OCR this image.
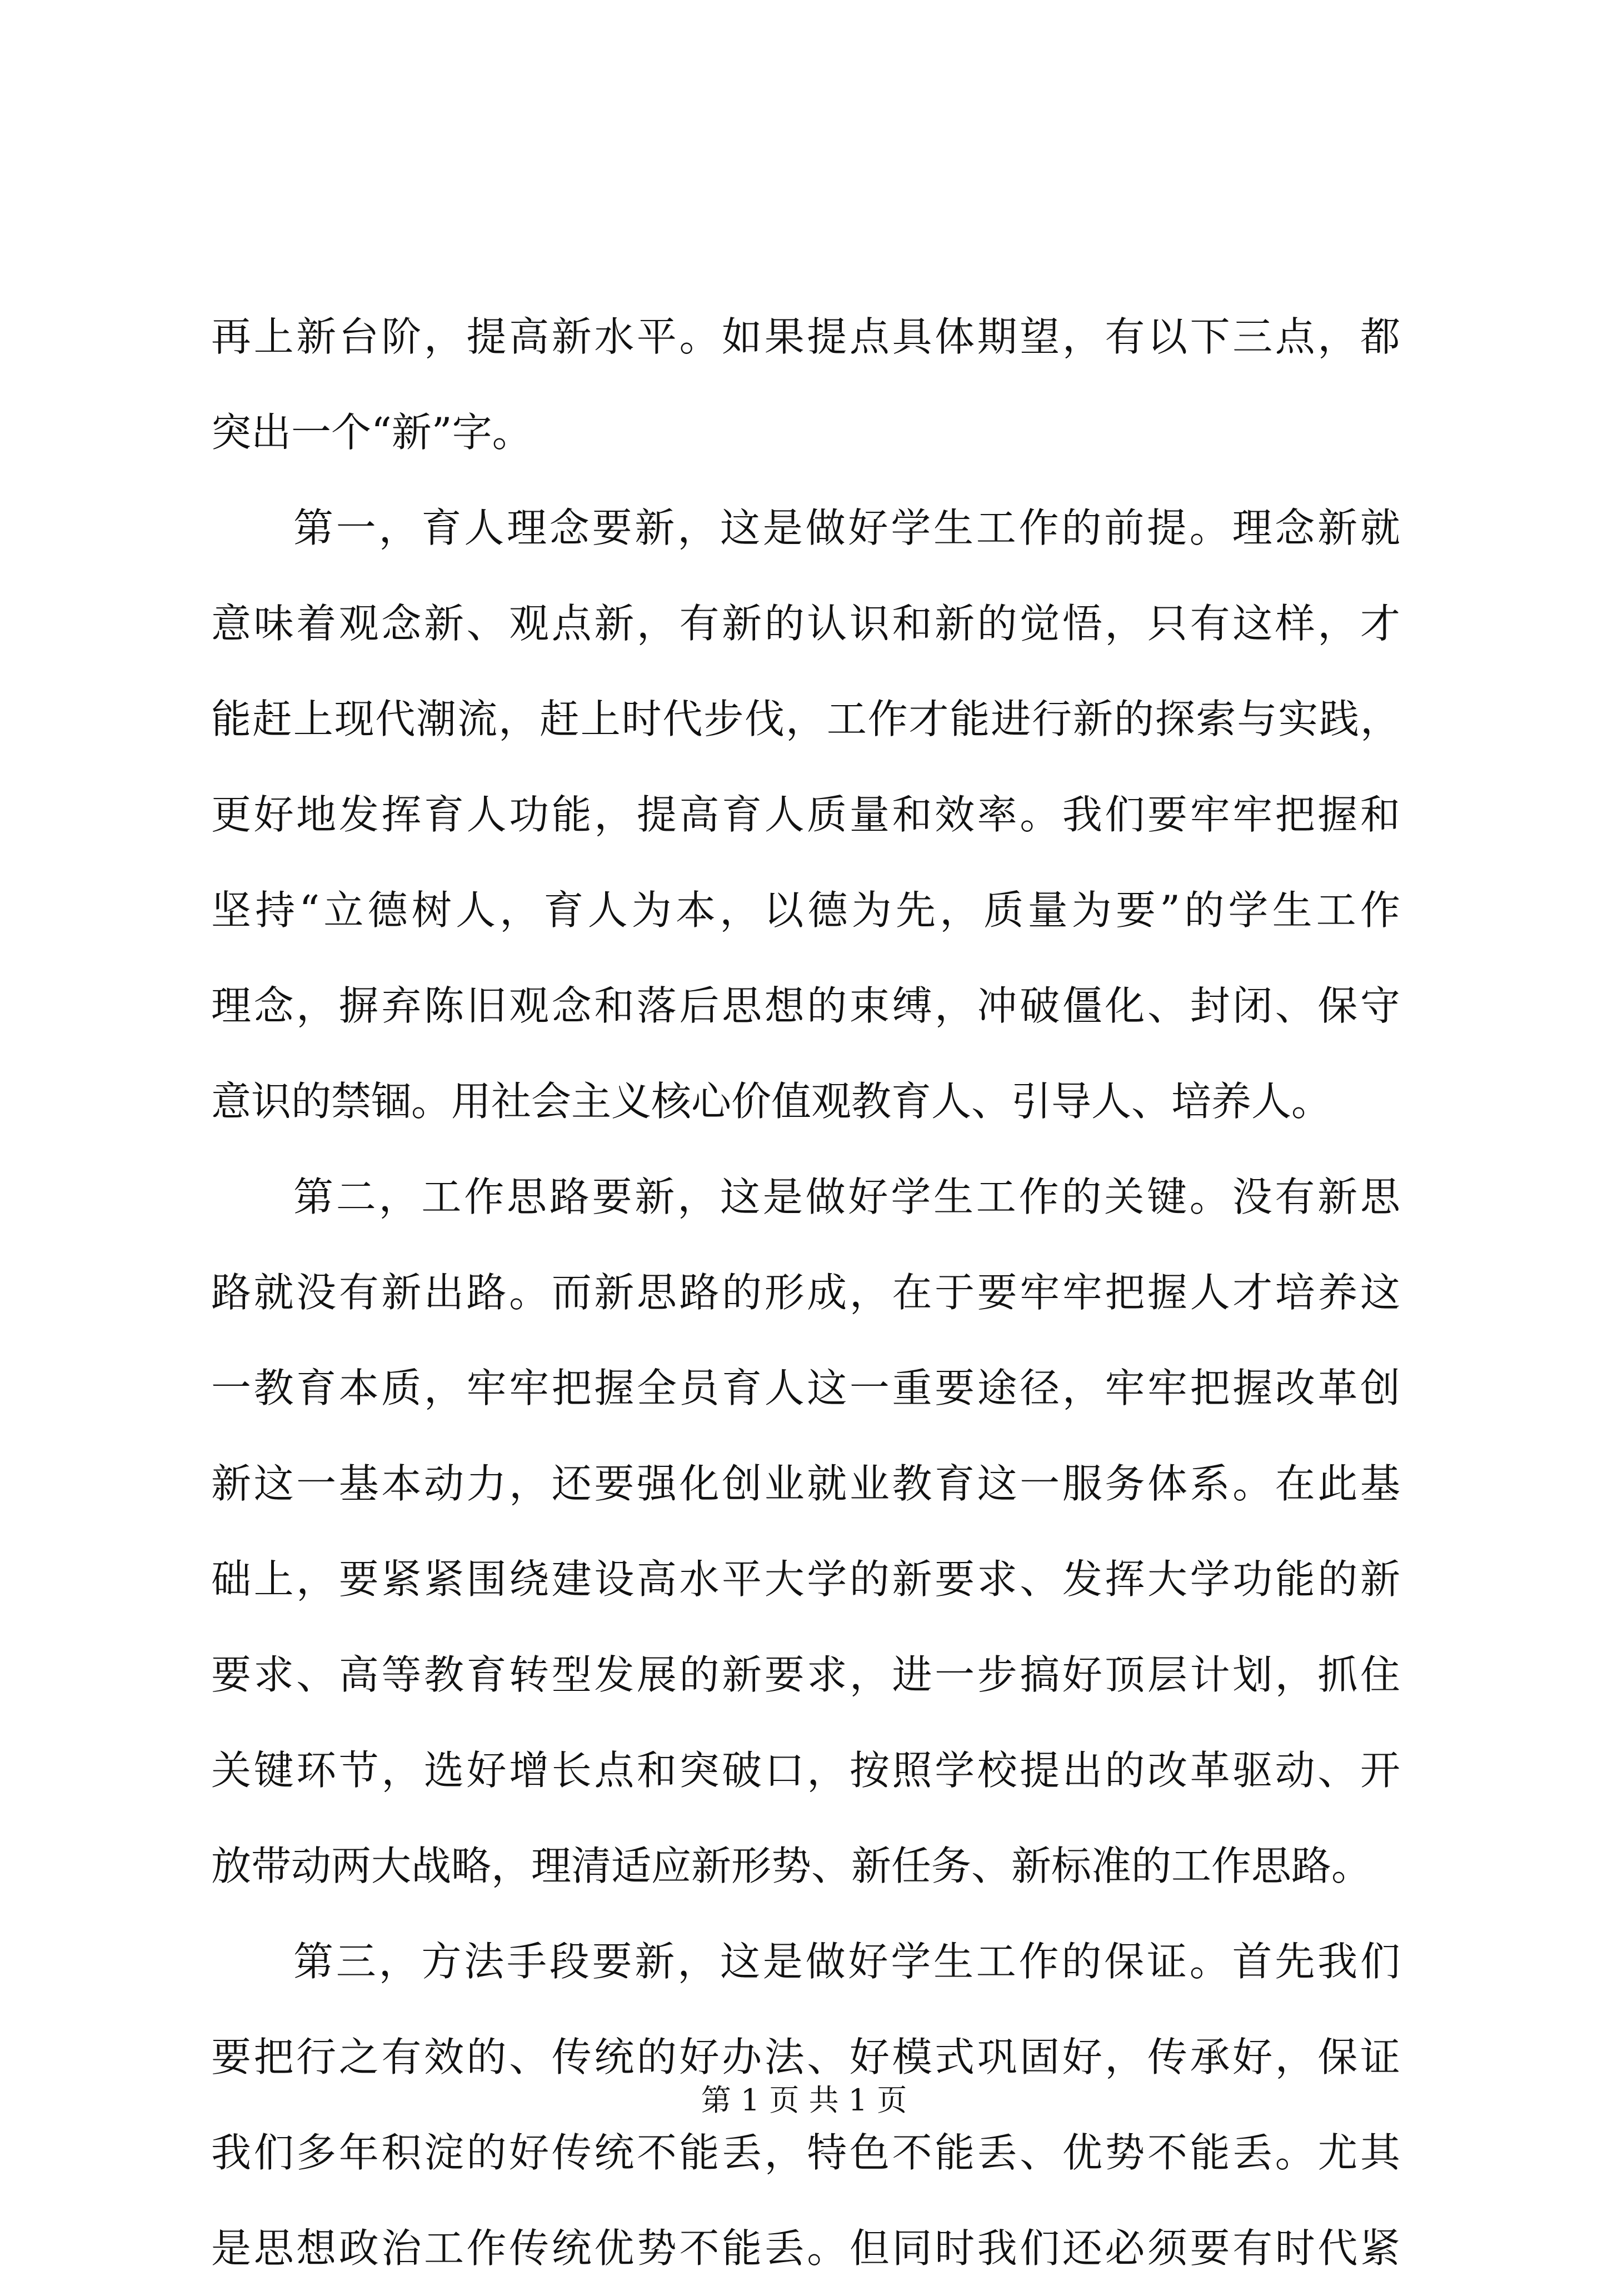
再上新台阶，提高新水平。如果提点具体期望，有以下三点，都
突出一个“新”字。
第一，育人理念要新，这是做好学生工作的前提。理念新就
意味着观念新、观点新，有新的认识和新的觉悟，只有这样，才
能赶上现代潮流，赶上时代步伐，工作才能进行新的探索与实践，
更好地发挥育人功能，提高育人质量和效率。我们要牢牢把握和
坚持“立德树人，育人为本，以德为先，质量为要”的学生工作
理念，摒弃陈旧观念和落后思想的束缚，冲破僵化、封闭、保守
意识的禁锢。用社会主义核心价值观教育人、引导人、培养人。
第二，工作思路要新，这是做好学生工作的关键。没有新思
路就没有新出路。而新思路的形成，在于要牢牢把握人才培养这
一教育本质，牢牢把握全员育人这一重要途径，牢牢把握改革创
新这一基本动力，还要强化创业就业教育这一服务体系。在此基
础上，要紧紧围绕建设高水平大学的新要求、发挥大学功能的新
要求、高等教育转型发展的新要求，进一步搞好顶层计划，抓住
关键环节，选好增长点和突破口，按照学校提出的改革驱动、开
放带动两大战略，理清适应新形势、新任务、新标准的工作思路。
第三，方法手段要新，这是做好学生工作的保证。首先我们
要把行之有效的、传统的好办法、好模式巩固好，传承好，保证
我们多年积淀的好传统不能丢，特色不能丢、优势不能丢。尤其
是思想政治工作传统优势不能丢。但同时我们还必须要有时代紧
第 1 页 共 1 页
